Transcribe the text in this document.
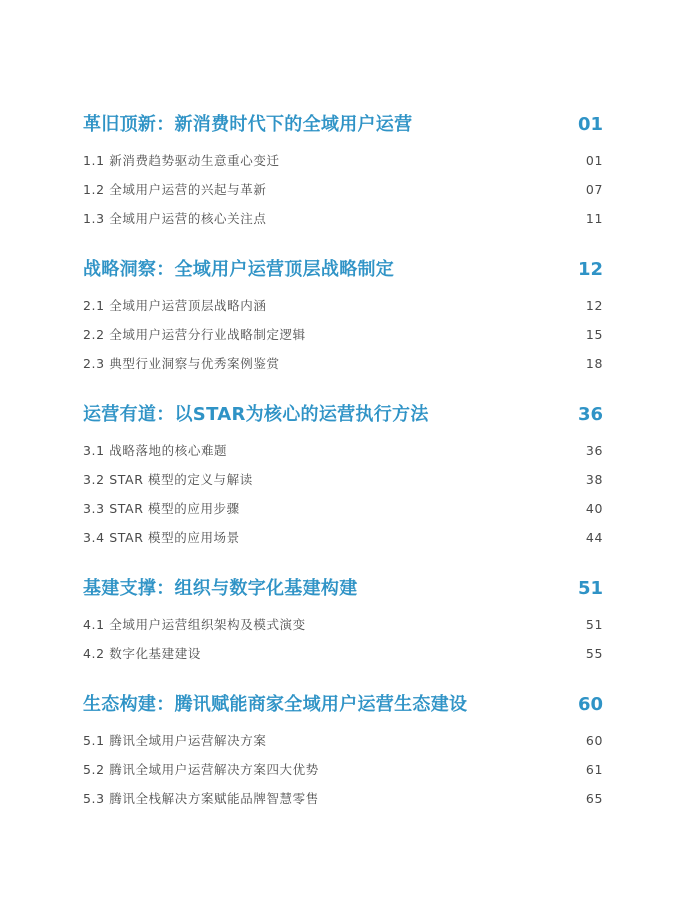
革旧顶新：新消费时代下的全域用户运营	01
1.1 新消费趋势驱动生意重心变迁	01
1.2 全域用户运营的兴起与革新	07
1.3 全域用户运营的核心关注点	11
战略洞察：全域用户运营顶层战略制定	12
2.1 全域用户运营顶层战略内涵	12
2.2 全域用户运营分行业战略制定逻辑	15
2.3 典型行业洞察与优秀案例鉴赏	18
运营有道：以STAR为核心的运营执行方法	36
3.1 战略落地的核心难题	36
3.2 STAR 模型的定义与解读	38
3.3 STAR 模型的应用步骤	40
3.4 STAR 模型的应用场景	44
基建支撑：组织与数字化基建构建	51
4.1 全域用户运营组织架构及模式演变	51
4.2 数字化基建建设	55
生态构建：腾讯赋能商家全域用户运营生态建设	60
5.1 腾讯全域用户运营解决方案	60
5.2 腾讯全域用户运营解决方案四大优势	61
5.3 腾讯全栈解决方案赋能品牌智慧零售	65
